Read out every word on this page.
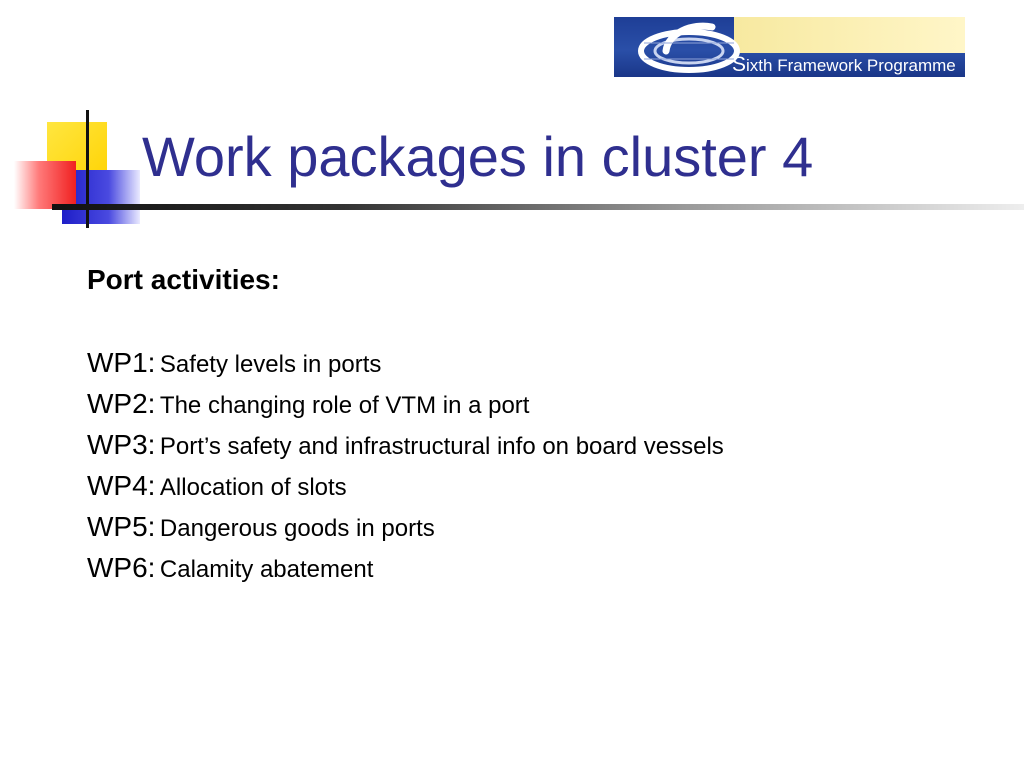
Work packages in cluster 4
Sixth Framework Programme
Port activities:
WP1: Safety levels in ports
WP2: The changing role of VTM in a port
WP3: Port’s safety and infrastructural info on board vessels
WP4: Allocation of slots
WP5: Dangerous goods in ports
WP6: Calamity abatement
